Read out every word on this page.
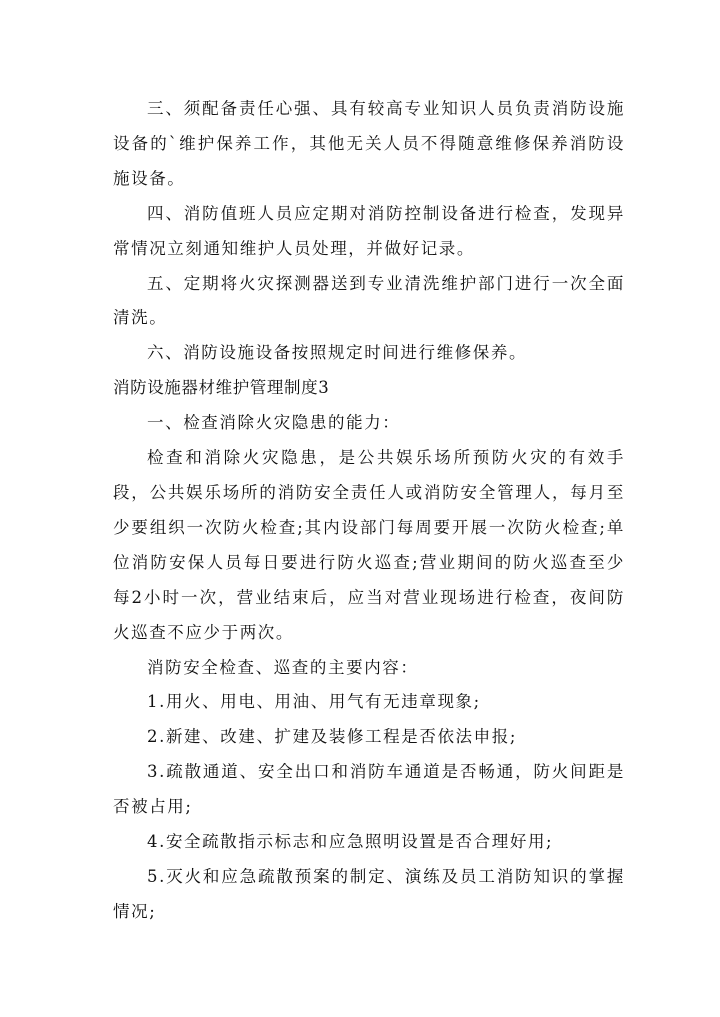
三、须配备责任心强、具有较高专业知识人员负责消防设施设备的`维护保养工作，其他无关人员不得随意维修保养消防设施设备。

四、消防值班人员应定期对消防控制设备进行检查，发现异常情况立刻通知维护人员处理，并做好记录。

五、定期将火灾探测器送到专业清洗维护部门进行一次全面清洗。

六、消防设施设备按照规定时间进行维修保养。

消防设施器材维护管理制度3

一、检查消除火灾隐患的能力：

检查和消除火灾隐患，是公共娱乐场所预防火灾的有效手段，公共娱乐场所的消防安全责任人或消防安全管理人，每月至少要组织一次防火检查;其内设部门每周要开展一次防火检查;单位消防安保人员每日要进行防火巡查;营业期间的防火巡查至少每2小时一次，营业结束后，应当对营业现场进行检查，夜间防火巡查不应少于两次。

消防安全检查、巡查的主要内容：

1.用火、用电、用油、用气有无违章现象;

2.新建、改建、扩建及装修工程是否依法申报;

3.疏散通道、安全出口和消防车通道是否畅通，防火间距是否被占用;

4.安全疏散指示标志和应急照明设置是否合理好用;

5.灭火和应急疏散预案的制定、演练及员工消防知识的掌握情况;
